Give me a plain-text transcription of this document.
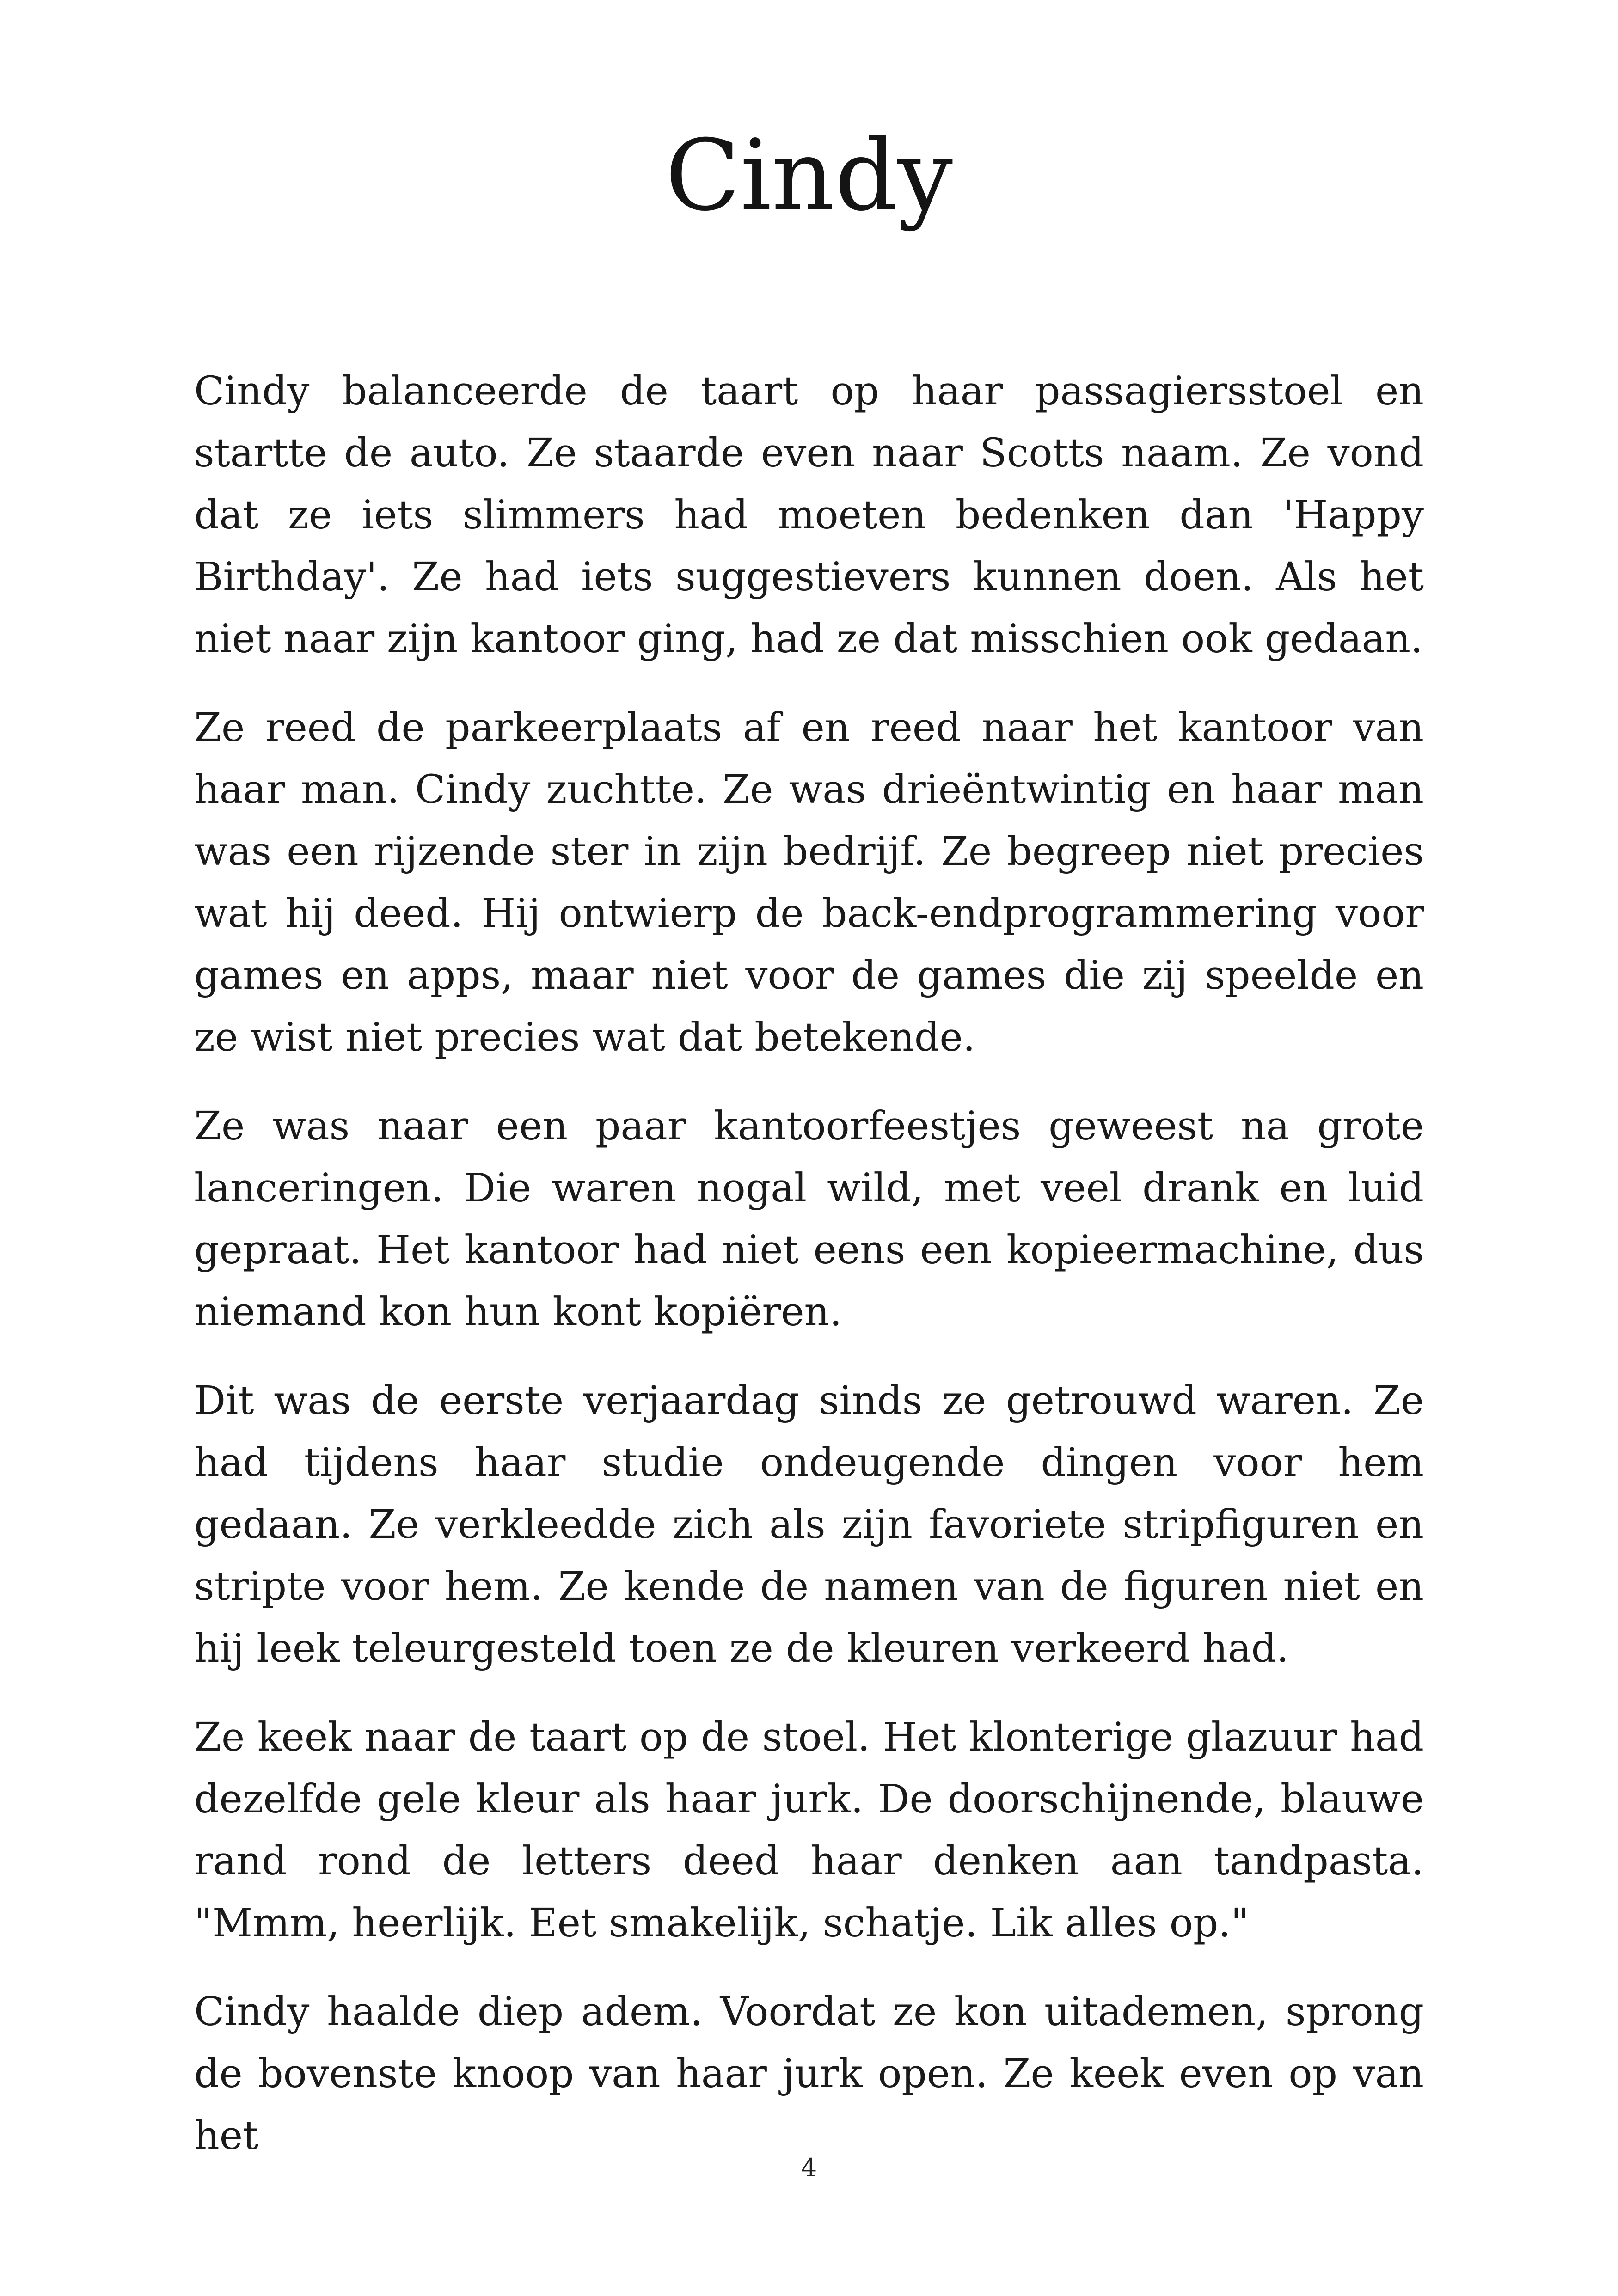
Cindy

Cindy balanceerde de taart op haar passagiersstoel en startte de auto. Ze staarde even naar Scotts naam. Ze vond dat ze iets slimmers had moeten bedenken dan 'Happy Birthday'. Ze had iets suggestievers kunnen doen. Als het niet naar zijn kantoor ging, had ze dat misschien ook gedaan.

Ze reed de parkeerplaats af en reed naar het kantoor van haar man. Cindy zuchtte. Ze was drieëntwintig en haar man was een rijzende ster in zijn bedrijf. Ze begreep niet precies wat hij deed. Hij ontwierp de back-endprogrammering voor games en apps, maar niet voor de games die zij speelde en ze wist niet precies wat dat betekende.

Ze was naar een paar kantoorfeestjes geweest na grote lanceringen. Die waren nogal wild, met veel drank en luid gepraat. Het kantoor had niet eens een kopieermachine, dus niemand kon hun kont kopiëren.

Dit was de eerste verjaardag sinds ze getrouwd waren. Ze had tijdens haar studie ondeugende dingen voor hem gedaan. Ze verkleedde zich als zijn favoriete stripfiguren en stripte voor hem. Ze kende de namen van de figuren niet en hij leek teleurgesteld toen ze de kleuren verkeerd had.

Ze keek naar de taart op de stoel. Het klonterige glazuur had dezelfde gele kleur als haar jurk. De doorschijnende, blauwe rand rond de letters deed haar denken aan tandpasta. "Mmm, heerlijk. Eet smakelijk, schatje. Lik alles op."

Cindy haalde diep adem. Voordat ze kon uitademen, sprong de bovenste knoop van haar jurk open. Ze keek even op van het

4
